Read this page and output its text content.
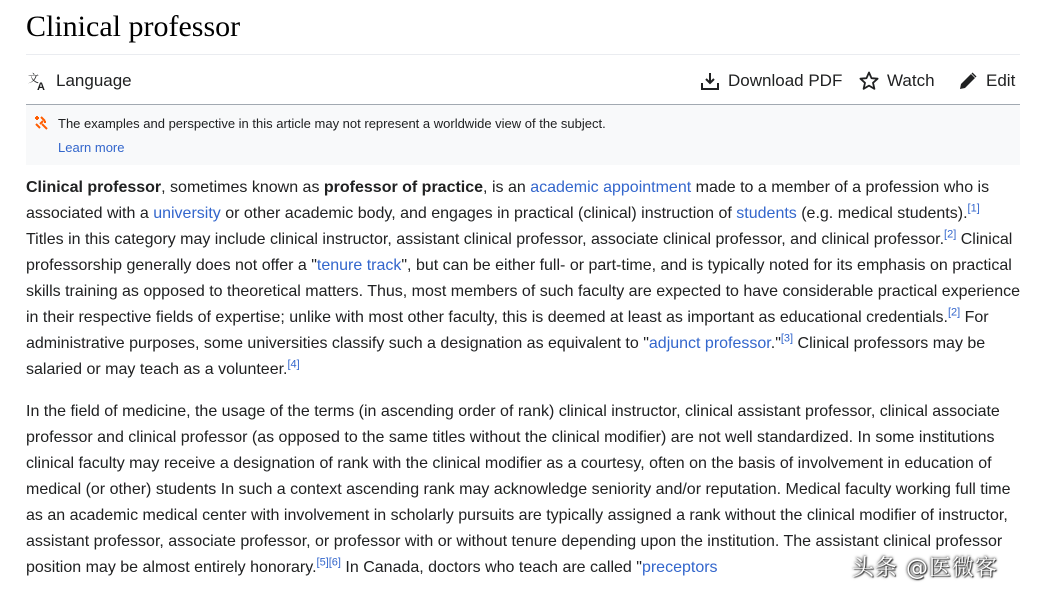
Clinical professor
文
A Language	Download PDF	Watch	Edit
The examples and perspective in this article may not represent a worldwide view of the subject.
Learn more

Clinical professor, sometimes known as professor of practice, is an academic appointment made to a member of a profession who is associated with a university or other academic body, and engages in practical (clinical) instruction of students (e.g. medical students).[1] Titles in this category may include clinical instructor, assistant clinical professor, associate clinical professor, and clinical professor.[2] Clinical professorship generally does not offer a "tenure track", but can be either full- or part-time, and is typically noted for its emphasis on practical skills training as opposed to theoretical matters. Thus, most members of such faculty are expected to have considerable practical experience in their respective fields of expertise; unlike with most other faculty, this is deemed at least as important as educational credentials.[2] For administrative purposes, some universities classify such a designation as equivalent to "adjunct professor."[3] Clinical professors may be salaried or may teach as a volunteer.[4]

In the field of medicine, the usage of the terms (in ascending order of rank) clinical instructor, clinical assistant professor, clinical associate professor and clinical professor (as opposed to the same titles without the clinical modifier) are not well standardized. In some institutions clinical faculty may receive a designation of rank with the clinical modifier as a courtesy, often on the basis of involvement in education of medical (or other) students In such a context ascending rank may acknowledge seniority and/or reputation. Medical faculty working full time as an academic medical center with involvement in scholarly pursuits are typically assigned a rank without the clinical modifier of instructor, assistant professor, associate professor, or professor with or without tenure depending upon the institution. The assistant clinical professor position may be almost entirely honorary.[5][6] In Canada, doctors who teach are called "preceptors	头条 @医微客
